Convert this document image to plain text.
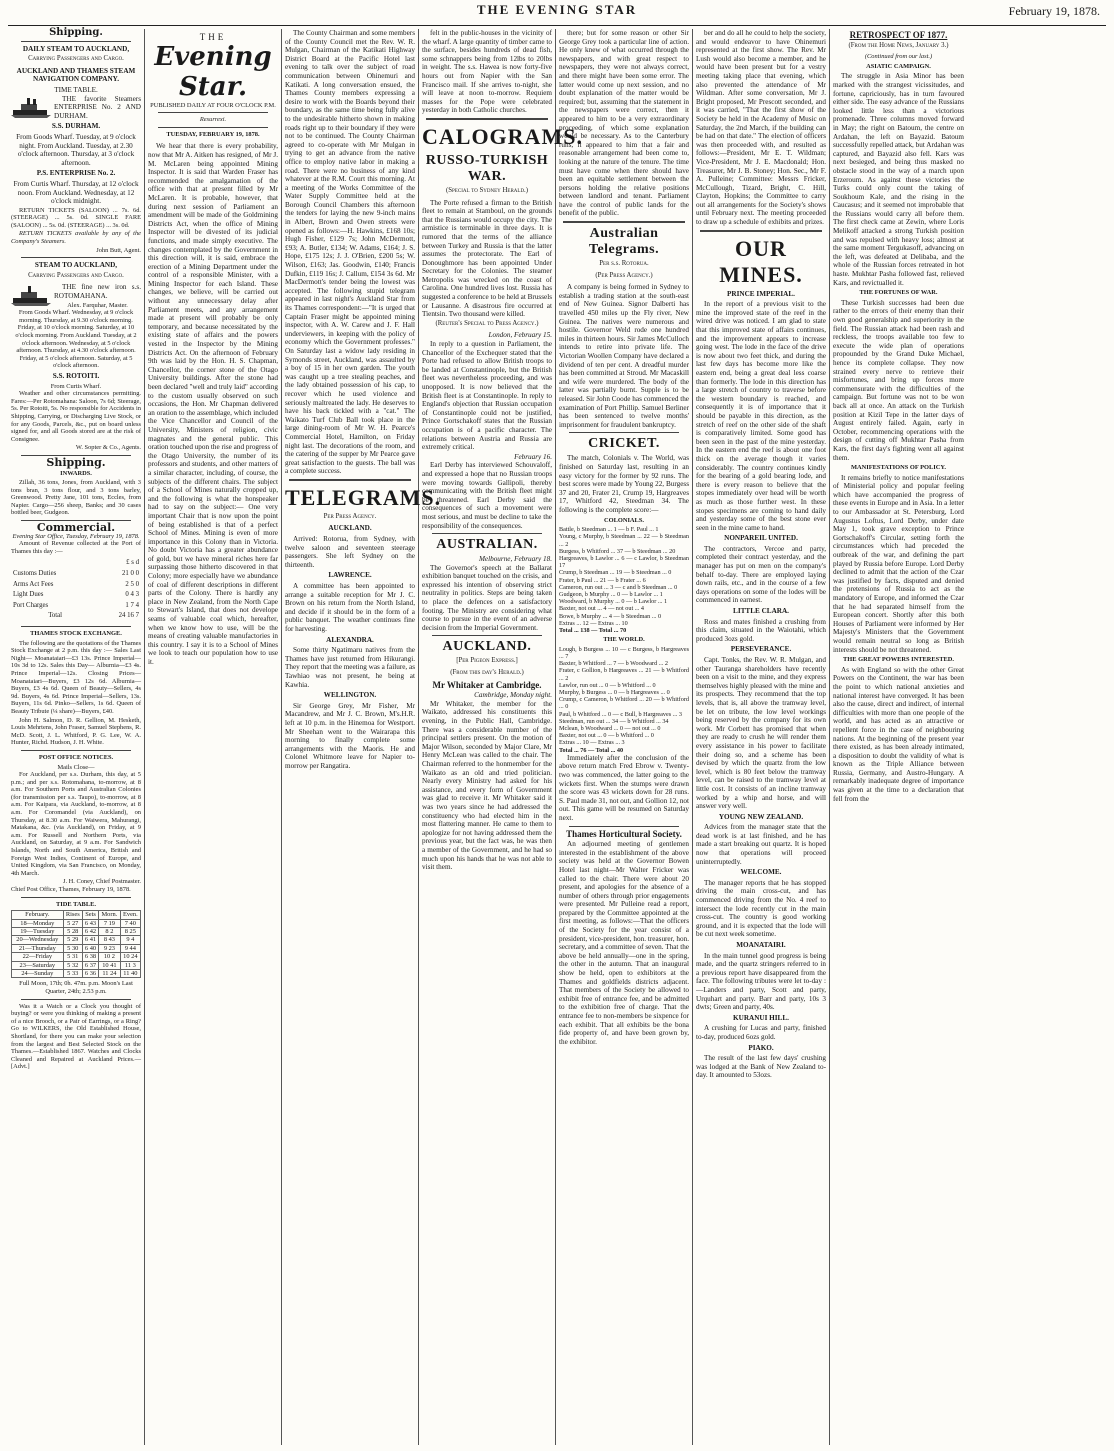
THE EVENING STAR	February 19, 1878.
Shipping.
DAILY STEAM TO AUCKLAND,
Carrying Passengers and Cargo.
AUCKLAND AND THAMES STEAM NAVIGATION COMPANY.
TIME TABLE.

THE favorite Steamers ENTERPRISE No. 2 AND DURHAM.

S.S. DURHAM.

From Goods Wharf. Tuesday, at 9 o'clock night. From Auckland. Tuesday, at 2.30 o'clock afternoon. Thursday, at 3 o'clock afternoon.

P.S. ENTERPRISE No. 2.

From Curtis Wharf. Thursday, at 12 o'clock noon. From Auckland. Wednesday, at 12 o'clock midnight.

RETURN TICKETS (SALOON) ... 7s. 6d. (STEERAGE) ... 5s. 0d. SINGLE FARE (SALOON) ... 5s. 0d. (STEERAGE) ... 3s. 0d.

RETURN TICKETS available by any of the Company's Steamers.

John Butt, Agent.
STEAM TO AUCKLAND,
Carrying Passengers and Cargo.

THE fine new iron s.s. ROTOMAHANA.

Alex. Farquhar, Master.

From Goods Wharf. Wednesday, at 9 o'clock morning. Thursday, at 9.30 o'clock morning. Friday, at 10 o'clock morning. Saturday, at 10 o'clock morning. From Auckland. Tuesday, at 2 o'clock afternoon. Wednesday, at 5 o'clock afternoon. Thursday, at 4.30 o'clock afternoon. Friday, at 5 o'clock afternoon. Saturday, at 5 o'clock afternoon.

S.S. ROTOITI.
From Curtis Wharf.

Weather and other circumstances permitting. Fares:—Per Rotomahana: Saloon, 7s 6d; Steerage, 5s. Per Rotoiti, 5s. No responsible for Accidents in Shipping, Carrying, or Discharging Live Stock, or for any Goods, Parcels, &c., put on board unless signed for, and all Goods stored are at the risk of Consignee.

W. Sopter & Co., Agents.
Shipping.
INWARDS.

Zillah, 36 tons, Jones, from Auckland, with 3 tons bran, 3 tons flour, and 3 tons barley, Greenwood. Pretty Jane, 101 tons, Eccles, from Napier. Cargo—256 sheep, Banks; and 30 cases bottled beer, Gudgeon.

Commercial.
Evening Star Office, Tuesday, February 19, 1878.

Amount of Revenue collected at the Port of Thames this day :—

	£ s d
Customs Duties	21 0 0
Arms Act Fees	2 5 0
Light Dues	0 4 3
Port Charges	1 7 4
Total	24 16 7
THAMES STOCK EXCHANGE.

The following are the quotations of the Thames Stock Exchange at 2 p.m. this day :— Sales Last Night— Moanataiari—£3 13s. Prince Imperial—10s 3d to 12s. Sales this Day— Alburnia—£3 4s. Prince Imperial—12s. Closing Prices— Moanataiari—Buyers, £3 12s 6d. Alburnia—Buyers, £3 4s 6d. Queen of Beauty—Sellers, 4s 9d. Buyers, 4s 6d. Prince Imperial—Sellers, 13s. Buyers, 11s 6d. Pinko—Sellers, 1s 6d. Queen of Beauty Tribute (¼ share)—Buyers, £40.

John H. Salmon, D. R. Gellion, M. Hesketh, Louis Mehrtens, John Fraser, Samuel Stephens, R. McD. Scott, J. L. Whitford, P. G. Lee, W. A. Hunter, Richd. Hudson, J. H. White.

POST OFFICE NOTICES.
Mails Close—

For Auckland, per s.s. Durham, this day, at 5 p.m.; and per s.s. Rotomahana, to-morrow, at 8 a.m. For Southern Ports and Australian Colonies (for transmission per s.s. Taupo), to-morrow, at 8 a.m. For Kaipara, via Auckland, to-morrow, at 8 a.m. For Coromandel (via Auckland), on Thursday, at 8.30 a.m. For Waiwera, Mahurangi, Matakana, &c. (via Auckland), on Friday, at 9 a.m. For Russell and Northern Ports, via Auckland, on Saturday, at 9 a.m. For Sandwich Islands, North and South America, British and Foreign West Indies, Continent of Europe, and United Kingdom, via San Francisco, on Monday, 4th March.

J. H. Coney, Chief Postmaster.
Chief Post Office, Thames, February 19, 1878.
TIDE TABLE.
February.	Rises	Sets	Morn.	Even.
18—Monday	5 27	6 43	7 19	7 40
19—Tuesday	5 28	6 42	8 2	8 25
20—Wednesday	5 29	6 41	8 43	9 4
21—Thursday	5 30	6 40	9 23	9 44
22—Friday	5 31	6 38	10 2	10 24
23—Saturday	5 32	6 37	10 41	11 3
24—Sunday	5 33	6 36	11 24	11 40
Full Moon, 17th; 0h. 47m. p.m. Moon's Last Quarter, 24th; 2.53 p.m.

Was it a Watch or a Clock you thought of buying? or were you thinking of making a present of a nice Brooch, or a Pair of Earrings, or a Ring? Go to WILKERS, the Old Established House, Shortland, for there you can make your selection from the largest and Best Selected Stock on the Thames.—Established 1867. Watches and Clocks Cleaned and Repaired at Auckland Prices.—[Advt.]

THE
Evening Star.
PUBLISHED DAILY AT FOUR O'CLOCK P.M.
Resurrexi.
TUESDAY, FEBRUARY 19, 1878.

We hear that there is every probability, now that Mr A. Aitken has resigned, of Mr J. M. McLaren being appointed Mining Inspector. It is said that Warden Fraser has recommended the amalgamation of the office with that at present filled by Mr McLaren. It is probable, however, that during next session of Parliament an amendment will be made of the Goldmining Districts Act, when the office of Mining Inspector will be divested of its judicial functions, and made simply executive. The changes contemplated by the Government in this direction will, it is said, embrace the erection of a Mining Department under the control of a responsible Minister, with a Mining Inspector for each Island. These changes, we believe, will be carried out without any unnecessary delay after Parliament meets, and any arrangement made at present will probably be only temporary, and because necessitated by the existing state of affairs and the powers vested in the Inspector by the Mining Districts Act. On the afternoon of February 9th was laid by the Hon. H. S. Chapman, Chancellor, the corner stone of the Otago University buildings. After the stone had been declared "well and truly laid" according to the custom usually observed on such occasions, the Hon. Mr Chapman delivered an oration to the assemblage, which included the Vice Chancellor and Council of the University, Ministers of religion, civic magnates and the general public. This oration touched upon the rise and progress of the Otago University, the number of its professors and students, and other matters of a similar character, including, of course, the subjects of the different chairs. The subject of a School of Mines naturally cropped up, and the following is what the honspeaker had to say on the subject:— One very important Chair that is now upon the point of being established is that of a perfect School of Mines. Mining is even of more importance in this Colony than in Victoria. No doubt Victoria has a greater abundance of gold, but we have mineral riches here far surpassing those hitherto discovered in that Colony; more especially have we abundance of coal of different descriptions in different parts of the Colony. There is hardly any place in New Zealand, from the North Cape to Stewart's Island, that does not develope seams of valuable coal which, hereafter, when we know how to use, will be the means of creating valuable manufactories in this country. I say it is to a School of Mines we look to teach our population how to use it.

The County Chairman and some members of the County Council met the Rev. W. R. Mulgan, Chairman of the Katikati Highway District Board at the Pacific Hotel last evening to talk over the subject of road communication between Ohinemuri and Katikati. A long conversation ensued, the Thames County members expressing a desire to work with the Boards beyond their boundary, as the same time being fully alive to the undesirable hitherto shown in making roads right up to their boundary if they were not to be continued. The County Chairman agreed to co-operate with Mr Mulgan in trying to get an advance from the native office to employ native labor in making a road. There were no business of any kind whatever at the R.M. Court this morning. At a meeting of the Works Committee of the Water Supply Committee held at the Borough Council Chambers this afternoon the tenders for laying the new 9-inch mains in Albert, Brown and Owen streets were opened as follows:—H. Hawkins, £168 10s; Hugh Fisher, £129 7s; John McDermott, £93; A. Butler, £134; W. Adams, £164; J. S. Hope, £175 12s; J. J. O'Brien, £200 5s; W. Wilson, £163; Jas. Goodwin, £140; Francis Dufkin, £119 16s; J. Callum, £154 3s 6d. Mr MacDermott's tender being the lowest was accepted. The following stupid telegram appeared in last night's Auckland Star from its Thames correspondent:—"It is urged that Captain Fraser might be appointed mining inspector, with A. W. Carew and J. F. Hall underviewers, in keeping with the policy of economy which the Government professes." On Saturday last a widow lady residing in Symonds street, Auckland, was assaulted by a boy of 15 in her own garden. The youth was caught up a tree stealing peaches, and the lady obtained possession of his cap, to recover which he used violence and seriously maltreated the lady. He deserves to have his back tickled with a "cat." The Waikato Turf Club Ball took place in the large dining-room of Mr W. H. Pearce's Commercial Hotel, Hamilton, on Friday night last. The decorations of the room, and the catering of the supper by Mr Pearce gave great satisfaction to the guests. The ball was a complete success.

TELEGRAMS.
Per Press Agency.
AUCKLAND.

Arrived: Rotorua, from Sydney, with twelve saloon and seventeen steerage passengers. She left Sydney on the thirteenth.

LAWRENCE.

A committee has been appointed to arrange a suitable reception for Mr J. C. Brown on his return from the North Island, and decide if it should be in the form of a public banquet. The weather continues fine for harvesting.

ALEXANDRA.

Some thirty Ngatimaru natives from the Thames have just returned from Hikurangi. They report that the meeting was a failure, as Tawhiao was not present, he being at Kawhia.

WELLINGTON.

Sir George Grey, Mr Fisher, Mr Macandrew, and Mr J. C. Brown, M's.H.R. left at 10 p.m. in the Hinemoa for Westport. Mr Sheehan went to the Wairarapa this morning to finally complete some arrangements with the Maoris. He and Colonel Whitmore leave for Napier to-morrow per Rangatira.

felt in the public-houses in the vicinity of the wharf. A large quantity of timber came to the surface, besides hundreds of dead fish, some schnappers being from 12lbs to 20lbs in weight. The s.s. Hawea is now forty-five hours out from Napier with the San Francisco mail. If she arrives to-night, she will leave at noon to-morrow. Requiem masses for the Pope were celebrated yesterday in both Catholic churches.

CALOGRAMS.
RUSSO-TURKISH WAR.
(Special to Sydney Herald.)

The Porte refused a firman to the British fleet to remain at Stamboul, on the grounds that the Russians would occupy the city. The armistice is terminable in three days. It is rumored that the terms of the alliance between Turkey and Russia is that the latter assumes the protectorate. The Earl of Donoughmore has been appointed Under Secretary for the Colonies. The steamer Metropolis was wrecked on the coast of Carolina. One hundred lives lost. Russia has suggested a conference to be held at Brussels or Lausanne. A disastrous fire occurred at Tientsin. Two thousand were killed.

(Reuter's Special to Press Agency.)
London, February 15.

In reply to a question in Parliament, the Chancellor of the Exchequer stated that the Porte had refused to allow British troops to be landed at Constantinople, but the British fleet was nevertheless proceeding, and was unopposed. It is now believed that the British fleet is at Constantinople. In reply to England's objection that Russian occupation of Constantinople could not be justified, Prince Gortschakoff states that the Russian occupation is of a pacific character. The relations between Austria and Russia are extremely critical.

February 16.

Earl Derby has interviewed Schouvaloff, and expressed a hope that no Russian troops were moving towards Gallipoli, thereby communicating with the British fleet might be threatened. Earl Derby said the consequences of such a movement were most serious, and must be decline to take the responsibility of the consequences.

AUSTRALIAN.
Melbourne, February 18.

The Governor's speech at the Ballarat exhibition banquet touched on the crisis, and expressed his intention of observing strict neutrality in politics. Steps are being taken to place the defences on a satisfactory footing. The Ministry are considering what course to pursue in the event of an adverse decision from the Imperial Government.

AUCKLAND.
[Per Pigeon Express.]
(From this day's Herald.)
Mr Whitaker at Cambridge.
Cambridge, Monday night.

Mr Whitaker, the member for the Waikato, addressed his constituents this evening, in the Public Hall, Cambridge. There was a considerable number of the principal settlers present. On the motion of Major Wilson, seconded by Major Clare, Mr Henry McLean was called to the chair. The Chairman referred to the honmember for the Waikato as an old and tried politician. Nearly every Ministry had asked for his assistance, and every form of Government was glad to receive it. Mr Whitaker said it was two years since he had addressed the constituency who had elected him in the most flattering manner. He came to them to apologize for not having addressed them the previous year, but the fact was, he was then a member of the Government, and he had so much upon his hands that he was not able to visit them.

there; but for some reason or other Sir George Grey took a particular line of action. He only knew of what occurred through the newspapers, and with great respect to newspapers, they were not always correct, and there might have been some error. The latter would come up next session, and no doubt explanation of the matter would be required; but, assuming that the statement in the newspapers were correct, then it appeared to him to be a very extraordinary proceeding, of which some explanation would be necessary. As to the Canterbury runs, it appeared to him that a fair and reasonable arrangement had been come to, looking at the nature of the tenure. The time must have come when there should have been an equitable settlement between the persons holding the relative positions between landlord and tenant. Parliament have the control of public lands for the benefit of the public.

Australian Telegrams.
Per s.s. Rotorua.
(Per Press Agency.)

A company is being formed in Sydney to establish a trading station at the south-east end of New Guinea. Signor Dalberti has travelled 450 miles up the Fly river, New Guinea. The natives were numerous and hostile. Governor Weld rode one hundred miles in thirteen hours. Sir James McCulloch intends to retire into private life. The Victorian Woollen Company have declared a dividend of ten per cent. A dreadful murder has been committed at Stroud. Mr Macaskill and wife were murdered. The body of the latter was partially burnt. Supple is to be released. Sir John Coode has commenced the examination of Port Phillip. Samuel Berliner has been sentenced to twelve months' imprisonment for fraudulent bankruptcy.

CRICKET.

The match, Colonials v. The World, was finished on Saturday last, resulting in an easy victory for the former by 92 runs. The best scores were made by Young 22, Burgess 37 and 20, Frater 21, Crump 19, Hargreaves 17, Whitford 42, Steedman 34. The following is the complete score:—

COLONIALS.
Battle, b Steedman ... 1 — b F. Paul ... 1
Young, c Murphy, b Steedman ... 22 — b Steedman ... 2
Burgess, b Whitford ... 37 — b Steedman ... 20
Hargreaves, b Lawlor ... 6 — c Lawlor, b Steedman 17
Crump, b Steedman ... 19 — b Steedman ... 0
Frater, b Paul ... 21 — b Frater ... 6
Cameron, run out ... 3 — c and b Steedman ... 0
Gudgeon, b Murphy ... 0 — b Lawlor ... 1
Woodward, b Murphy ... 0 — b Lawlor ... 1
Baxter, not out ... 4 — not out ... 4
Bowe, b Murphy ... 4 — b Steedman ... 0
Extras ... 12 — Extras ... 10
Total ... 138 — Total ... 70
THE WORLD.
Lough, b Burgess ... 10 — c Burgess, b Hargreaves ... 7
Baxter, b Whitford ... 7 — b Woodward ... 2
Frater, c Gollion, b Hargreaves ... 21 — b Whitford ... 2
Lawlor, run out ... 0 — b Whitford ... 0
Murphy, b Burgess ... 0 — b Hargreaves ... 0
Crump, c Cameron, b Whitford ... 20 — b Whitford ... 0
Paul, b Whitford ... 0 — c Bull, b Hargreaves ... 3
Steedman, run out ... 34 — b Whitford ... 34
Mclean, b Woodward ... 0 — not out ... 0
Baxter, not out ... 0 — b Whitford ... 0
Extras ... 10 — Extras ... 3
Total ... 76 — Total ... 40

Immediately after the conclusion of the above return match Fred Ebrow v. Twenty-two was commenced, the latter going to the wickets first. When the stumps were drawn the score was 43 wickets down for 28 runs. S. Paul made 31, not out, and Gollion 12, not out. This game will be resumed on Saturday next.

Thames Horticultural Society.

An adjourned meeting of gentlemen interested in the establishment of the above society was held at the Governor Bowen Hotel last night—Mr Walter Fricker was called to the chair. There were about 20 present, and apologies for the absence of a number of others through prior engagements were presented. Mr Pulleine read a report, prepared by the Committee appointed at the first meeting, as follows:—That the officers of the Society for the year consist of a president, vice-president, hon. treasurer, hon. secretary, and a committee of seven. That the above be held annually—one in the spring, the other in the autumn. That an inaugural show be held, open to exhibitors at the Thames and goldfields districts adjacent. That members of the Society be allowed to exhibit free of entrance fee, and be admitted to the exhibition free of charge. That the entrance fee to non-members be sixpence for each exhibit. That all exhibits be the bona fide property of, and have been grown by, the exhibitor.

ber and do all he could to help the society, and would endeavor to have Ohinemuri represented at the first show. The Rev. Mr Lush would also become a member, and he would have been present but for a vestry meeting taking place that evening, which also prevented the attendance of Mr Wildman. After some conversation, Mr J. Bright proposed, Mr Prescott seconded, and it was carried, "That the first show of the Society be held in the Academy of Music on Saturday, the 2nd March, if the building can be had on that date." The election of officers was then proceeded with, and resulted as follows:—President, Mr E. T. Wildman; Vice-President, Mr J. E. Macdonald; Hon. Treasurer, Mr J. B. Stoney; Hon. Sec., Mr F. A. Pulleine; Committee: Messrs Fricker, McCullough, Tizard, Bright, C. Hill, Clayton, Hopkins; the Committee to carry out all arrangements for the Society's shows until February next. The meeting proceeded to draw up a schedule of exhibits and prizes.

OUR MINES.
PRINCE IMPERIAL.

In the report of a previous visit to the mine the improved state of the reef in the wired drive was noticed. I am glad to state that this improved state of affairs continues, and the improvement appears to increase going west. The lode in the face of the drive is now about two feet thick, and during the last few days has become more like the eastern end, being a great deal less coarse than formerly. The lode in this direction has a large stretch of country to traverse before the western boundary is reached, and consequently it is of importance that it should be payable in this direction, as the stretch of reef on the other side of the shaft is comparatively limited. Some good has been seen in the past of the mine yesterday. In the eastern end the reef is about one foot thick on the average though it varies considerably. The country continues kindly for the bearing of a gold bearing lode, and there is every reason to believe that the stopes immediately over head will be worth as much as those further west. In these stopes specimens are coming to hand daily and yesterday some of the best stone ever seen in the mine came to hand.

NONPAREIL UNITED.

The contractors, Vercoe and party, completed their contract yesterday, and the manager has put on men on the company's behalf to-day. There are employed laying down rails, etc., and in the course of a few days operations on some of the lodes will be commenced in earnest.

LITTLE CLARA.

Ross and mates finished a crushing from this claim, situated in the Waiotahi, which produced 3ozs gold.

PERSEVERANCE.

Capt. Tonks, the Rev. W. R. Mulgan, and other Tauranga shareholders have recently been on a visit to the mine, and they express themselves highly pleased with the mine and its prospects. They recommend that the top levels, that is, all above the tramway level, be let on tribute, the low level workings being reserved by the company for its own work. Mr Corbett has promised that when they are ready to crush he will render them every assistance in his power to facilitate their doing so, and a scheme has been devised by which the quartz from the low level, which is 80 feet below the tramway level, can be raised to the tramway level at little cost. It consists of an incline tramway worked by a whip and horse, and will answer very well.

YOUNG NEW ZEALAND.

Advices from the manager state that the dead work is at last finished, and he has made a start breaking out quartz. It is hoped now that operations will proceed uninterruptedly.

WELCOME.

The manager reports that he has stopped driving the main cross-cut, and has commenced driving from the No. 4 reef to intersect the lode recently cut in the main cross-cut. The country is good working ground, and it is expected that the lode will be cut next week sometime.

MOANATAIRI.

In the main tunnel good progress is being made, and the quartz stringers referred to in a previous report have disappeared from the face. The following tributes were let to-day :—Landers and party, Scott and party, Urquhart and party. Barr and party, 10s 3 dwts; Green and party, 40s.

KURANUI HILL.

A crushing for Lucas and party, finished to-day, produced 6ozs gold.

PIAKO.

The result of the last few days' crushing was lodged at the Bank of New Zealand to-day. It amounted to 53ozs.

RETROSPECT OF 1877.
(From the Home News, January 3.)
(Continued from our last.)
ASIATIC CAMPAIGN.

The struggle in Asia Minor has been marked with the strangest vicissitudes, and fortune, capriciously, has in turn favoured either side. The easy advance of the Russians looked little less than a victorious promenade. Three columns moved forward in May; the right on Batoum, the centre on Ardahan, the left on Bayazid. Batoum successfully repelled attack, but Ardahan was captured, and Bayazid also fell. Kars was next besieged, and being thus masked no obstacle stood in the way of a march upon Erzeroum. As against these victories the Turks could only count the taking of Soukhoum Kale, and the rising in the Caucasus; and it seemed not improbable that the Russians would carry all before them. The first check came at Zewin, where Loris Melikoff attacked a strong Turkish position and was repulsed with heavy loss; almost at the same moment Tergukasoff, advancing on the left, was defeated at Delibaba, and the whole of the Russian forces retreated in hot haste. Mukhtar Pasha followed fast, relieved Kars, and revictualled it.

THE FORTUNES OF WAR.

These Turkish successes had been due rather to the errors of their enemy than their own good generalship and superiority in the field. The Russian attack had been rash and reckless, the troops available too few to execute the wide plan of operations propounded by the Grand Duke Michael, hence its complete collapse. They now strained every nerve to retrieve their misfortunes, and bring up forces more commensurate with the difficulties of the campaign. But fortune was not to be won back all at once. An attack on the Turkish position at Kizil Tepe in the latter days of August entirely failed. Again, early in October, recommencing operations with the design of cutting off Mukhtar Pasha from Kars, the first day's fighting went all against them.

MANIFESTATIONS OF POLICY.

It remains briefly to notice manifestations of Ministerial policy and popular feeling which have accompanied the progress of these events in Europe and in Asia. In a letter to our Ambassador at St. Petersburg, Lord Augustus Loftus, Lord Derby, under date May 1, took grave exception to Prince Gortschakoff's Circular, setting forth the circumstances which had preceded the outbreak of the war, and defining the part played by Russia before Europe. Lord Derby declined to admit that the action of the Czar was justified by facts, disputed and denied the pretensions of Russia to act as the mandatory of Europe, and informed the Czar that he had separated himself from the European concert. Shortly after this both Houses of Parliament were informed by Her Majesty's Ministers that the Government would remain neutral so long as British interests should be not threatened.

THE GREAT POWERS INTERESTED.

As with England so with the other Great Powers on the Continent, the war has been the point to which national anxieties and national interest have converged. It has been also the cause, direct and indirect, of internal difficulties with more than one people of the world, and has acted as an attractive or repellent force in the case of neighbouring nations. At the beginning of the present year there existed, as has been already intimated, a disposition to doubt the validity of what is known as the Triple Alliance between Russia, Germany, and Austro-Hungary. A remarkably inadequate degree of importance was given at the time to a declaration that fell from the
